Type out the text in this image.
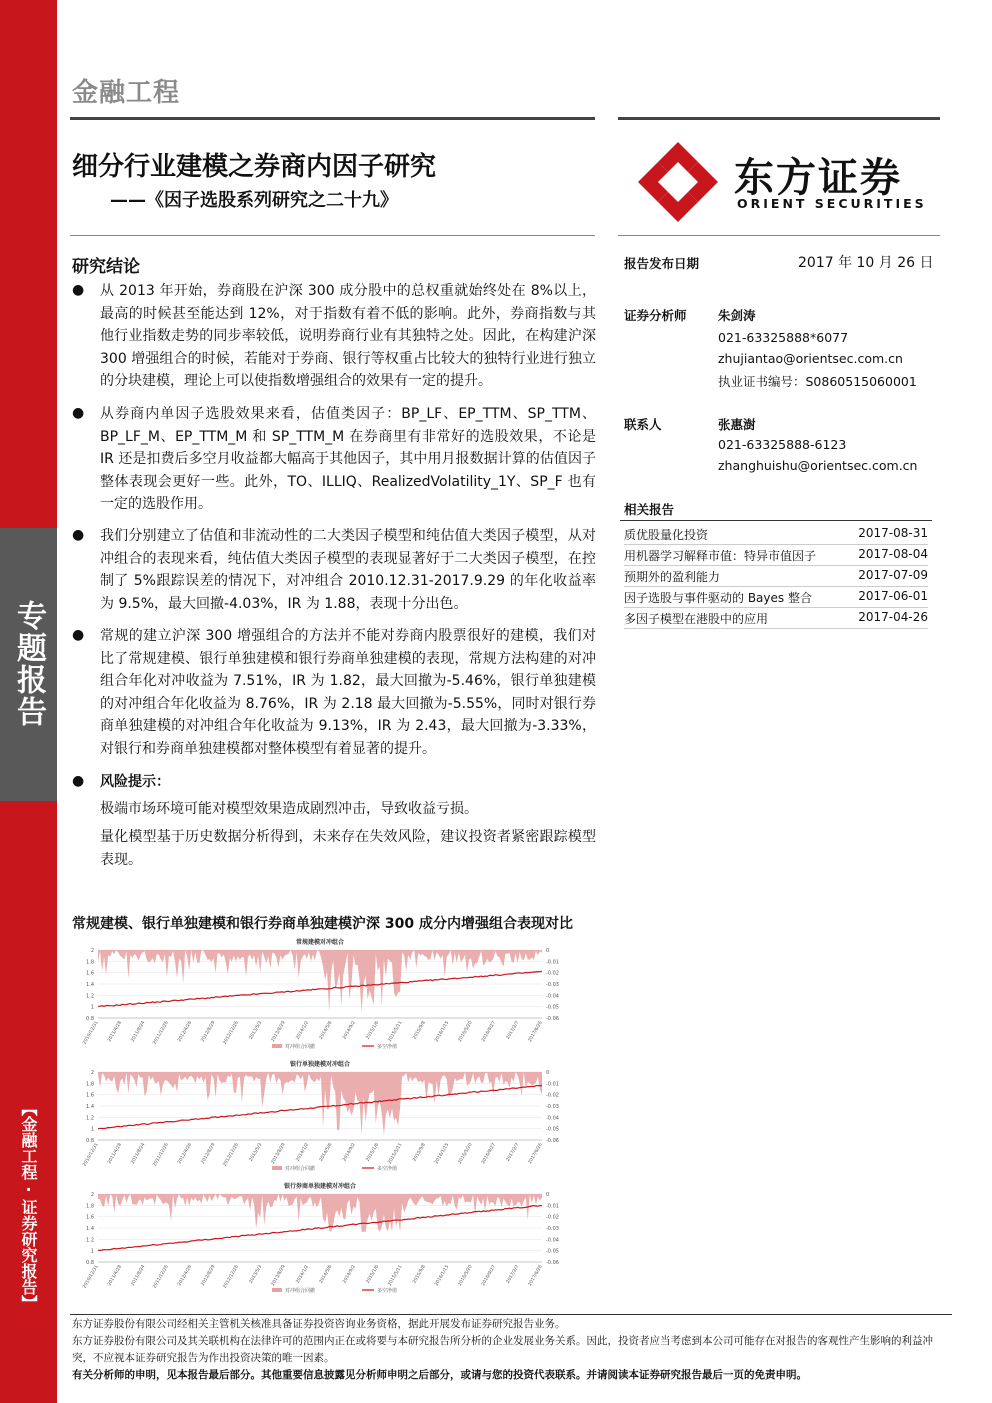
专题报告
【金融工程·证券研究报告】
金融工程
细分行业建模之券商内因子研究
——《因子选股系列研究之二十九》	东方证券
ORIENT SECURITIES
研究结论
● 从 2013 年开始，券商股在沪深 300 成分股中的总权重就始终处在 8%以上，最高的时候甚至能达到 12%，对于指数有着不低的影响。此外，券商指数与其他行业指数走势的同步率较低，说明券商行业有其独特之处。因此，在构建沪深 300 增强组合的时候，若能对于券商、银行等权重占比较大的独特行业进行独立的分块建模，理论上可以使指数增强组合的效果有一定的提升。
● 从券商内单因子选股效果来看，估值类因子：BP_LF、EP_TTM、SP_TTM、BP_LF_M、EP_TTM_M 和 SP_TTM_M 在券商里有非常好的选股效果，不论是 IR 还是扣费后多空月收益都大幅高于其他因子，其中用月报数据计算的估值因子整体表现会更好一些。此外，TO、ILLIQ、RealizedVolatility_1Y、SP_F 也有一定的选股作用。
● 我们分别建立了估值和非流动性的二大类因子模型和纯估值大类因子模型，从对冲组合的表现来看，纯估值大类因子模型的表现显著好于二大类因子模型，在控制了 5%跟踪误差的情况下，对冲组合 2010.12.31-2017.9.29 的年化收益率为 9.5%，最大回撤-4.03%，IR 为 1.88，表现十分出色。
● 常规的建立沪深 300 增强组合的方法并不能对券商内股票很好的建模，我们对比了常规建模、银行单独建模和银行券商单独建模的表现，常规方法构建的对冲组合年化对冲收益为 7.51%，IR 为 1.82，最大回撤为-5.46%，银行单独建模的对冲组合年化收益为 8.76%，IR 为 2.18 最大回撤为-5.55%，同时对银行券商单独建模的对冲组合年化收益为 9.13%，IR 为 2.43，最大回撤为-3.33%，对银行和券商单独建模都对整体模型有着显著的提升。
● 风险提示：
极端市场环境可能对模型效果造成剧烈冲击，导致收益亏损。
量化模型基于历史数据分析得到，未来存在失效风险，建议投资者紧密跟踪模型表现。
报告发布日期	2017 年 10 月 26 日
证券分析师	朱剑涛
021-63325888*6077
zhujiantao@orientsec.com.cn
执业证书编号：S0860515060001
联系人	张惠澍
021-63325888-6123
zhanghuishu@orientsec.com.cn
相关报告
质优股量化投资	2017-08-31
用机器学习解释市值：特异市值因子	2017-08-04
预期外的盈利能力	2017-07-09
因子选股与事件驱动的 Bayes 整合	2017-06-01
多因子模型在港股中的应用	2017-04-26
常规建模、银行单独建模和银行券商单独建模沪深 300 成分内增强组合表现对比
常规建模对冲组合
2
1.8
1.6
1.4
1.2
1
0.8
0
-0.01
-0.02
-0.03
-0.04
-0.05
-0.06
2010/12/31 2011/4/28 2011/8/24 2011/12/26 2012/4/26 2012/8/29 2012/12/26 2013/5/3 2013/8/29 2014/1/2 2014/5/6 2014/9/2 2015/1/6 2015/5/11 2015/9/8 2016/1/15 2016/5/20 2016/9/27 2017/2/7 2017/6/26
对冲组合回撤	多空净值
银行单独建模对冲组合
2
1.8
1.6
1.4
1.2
1
0.8
0
-0.01
-0.02
-0.03
-0.04
-0.05
-0.06
2010/12/31 2011/4/28 2011/8/24 2011/12/26 2012/4/26 2012/8/29 2012/12/26 2013/5/3 2013/8/29 2014/1/2 2014/5/6 2014/9/2 2015/1/6 2015/5/11 2015/9/8 2016/1/15 2016/5/20 2016/9/27 2017/2/7 2017/6/26
对冲组合回撤	多空净值
银行券商单独建模对冲组合
2
1.8
1.6
1.4
1.2
1
0.8
0
-0.01
-0.02
-0.03
-0.04
-0.05
-0.06
2010/12/31 2011/4/28 2011/8/24 2011/12/26 2012/4/26 2012/8/29 2012/12/26 2013/5/3 2013/8/29 2014/1/2 2014/5/6 2014/9/2 2015/1/6 2015/5/11 2015/9/8 2016/1/15 2016/5/20 2016/9/27 2017/2/7 2017/6/26
对冲组合回撤	多空净值
东方证券股份有限公司经相关主管机关核准具备证券投资咨询业务资格，据此开展发布证券研究报告业务。
东方证券股份有限公司及其关联机构在法律许可的范围内正在或将要与本研究报告所分析的企业发展业务关系。因此，投资者应当考虑到本公司可能存在对报告的客观性产生影响的利益冲突，不应视本证券研究报告为作出投资决策的唯一因素。
有关分析师的申明，见本报告最后部分。其他重要信息披露见分析师申明之后部分，或请与您的投资代表联系。并请阅读本证券研究报告最后一页的免责申明。
